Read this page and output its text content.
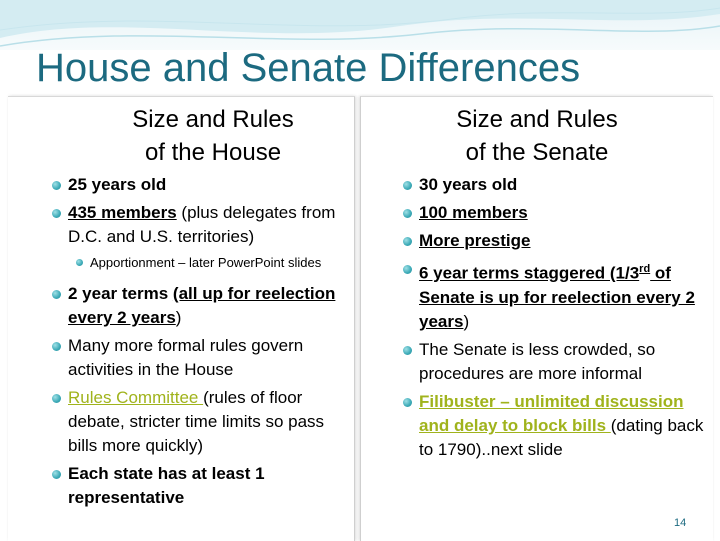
House and Senate Differences
Size and Rules
of the House
25 years old
435 members (plus delegates from D.C. and U.S. territories)
Apportionment – later PowerPoint slides
2 year terms (all up for reelection every 2 years)
Many more formal rules govern activities in the House
Rules Committee (rules of floor debate, stricter time limits so pass bills more quickly)
Each state has at least 1 representative
Size and Rules
of the Senate
30 years old
100 members
More prestige
6 year terms staggered (1/3rd of Senate is up for reelection every 2 years)
The Senate is less crowded, so procedures are more informal
Filibuster – unlimited discussion and delay to block bills (dating back to 1790)..next slide
14
